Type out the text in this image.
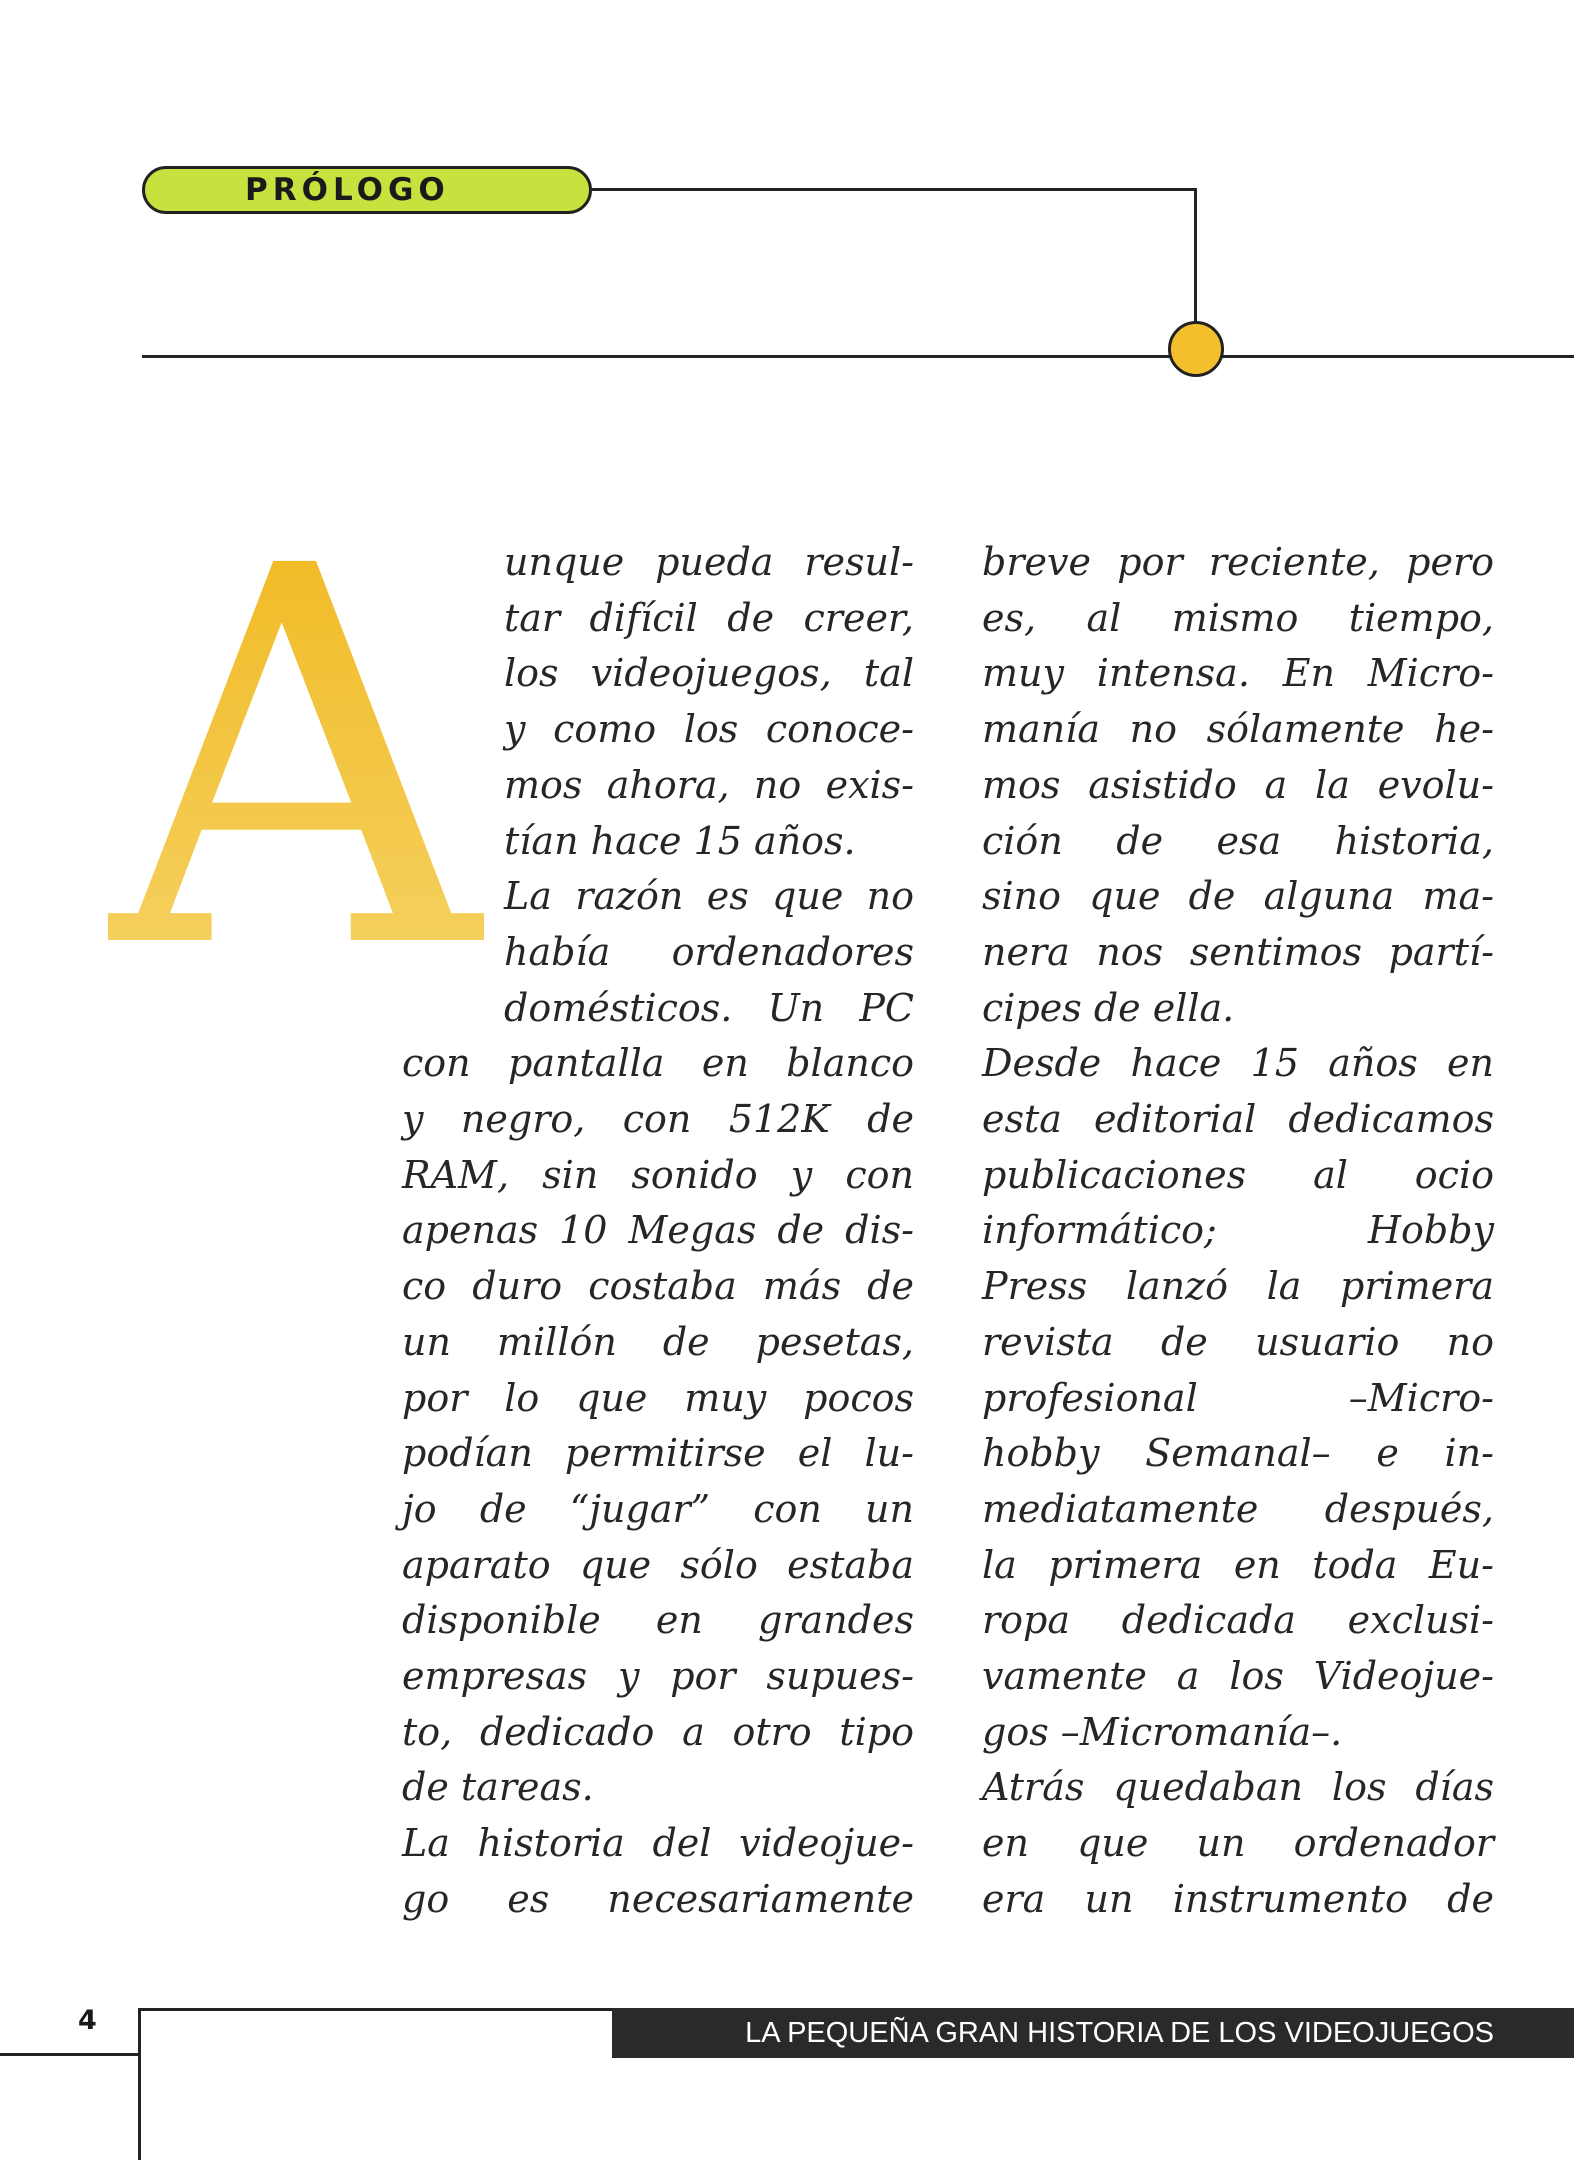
PRÓLOGO
A unque pueda resul-
tar difícil de creer,
los videojuegos, tal
y como los conoce-
mos ahora, no exis-
tían hace 15 años.
La razón es que no
había ordenadores
domésticos. Un PC
con pantalla en blanco
y negro, con 512K de
RAM, sin sonido y con
apenas 10 Megas de dis-
co duro costaba más de
un millón de pesetas,
por lo que muy pocos
podían permitirse el lu-
jo de “jugar” con un
aparato que sólo estaba
disponible en grandes
empresas y por supues-
to, dedicado a otro tipo
de tareas.
La historia del videojue-
go es necesariamente
breve por reciente, pero
es, al mismo tiempo,
muy intensa. En Micro-
manía no sólamente he-
mos asistido a la evolu-
ción de esa historia,
sino que de alguna ma-
nera nos sentimos partí-
cipes de ella.
Desde hace 15 años en
esta editorial dedicamos
publicaciones al ocio
informático; Hobby
Press lanzó la primera
revista de usuario no
profesional –Micro-
hobby Semanal– e in-
mediatamente después,
la primera en toda Eu-
ropa dedicada exclusi-
vamente a los Videojue-
gos –Micromanía–.
Atrás quedaban los días
en que un ordenador
era un instrumento de
4	LA PEQUEÑA GRAN HISTORIA DE LOS VIDEOJUEGOS
